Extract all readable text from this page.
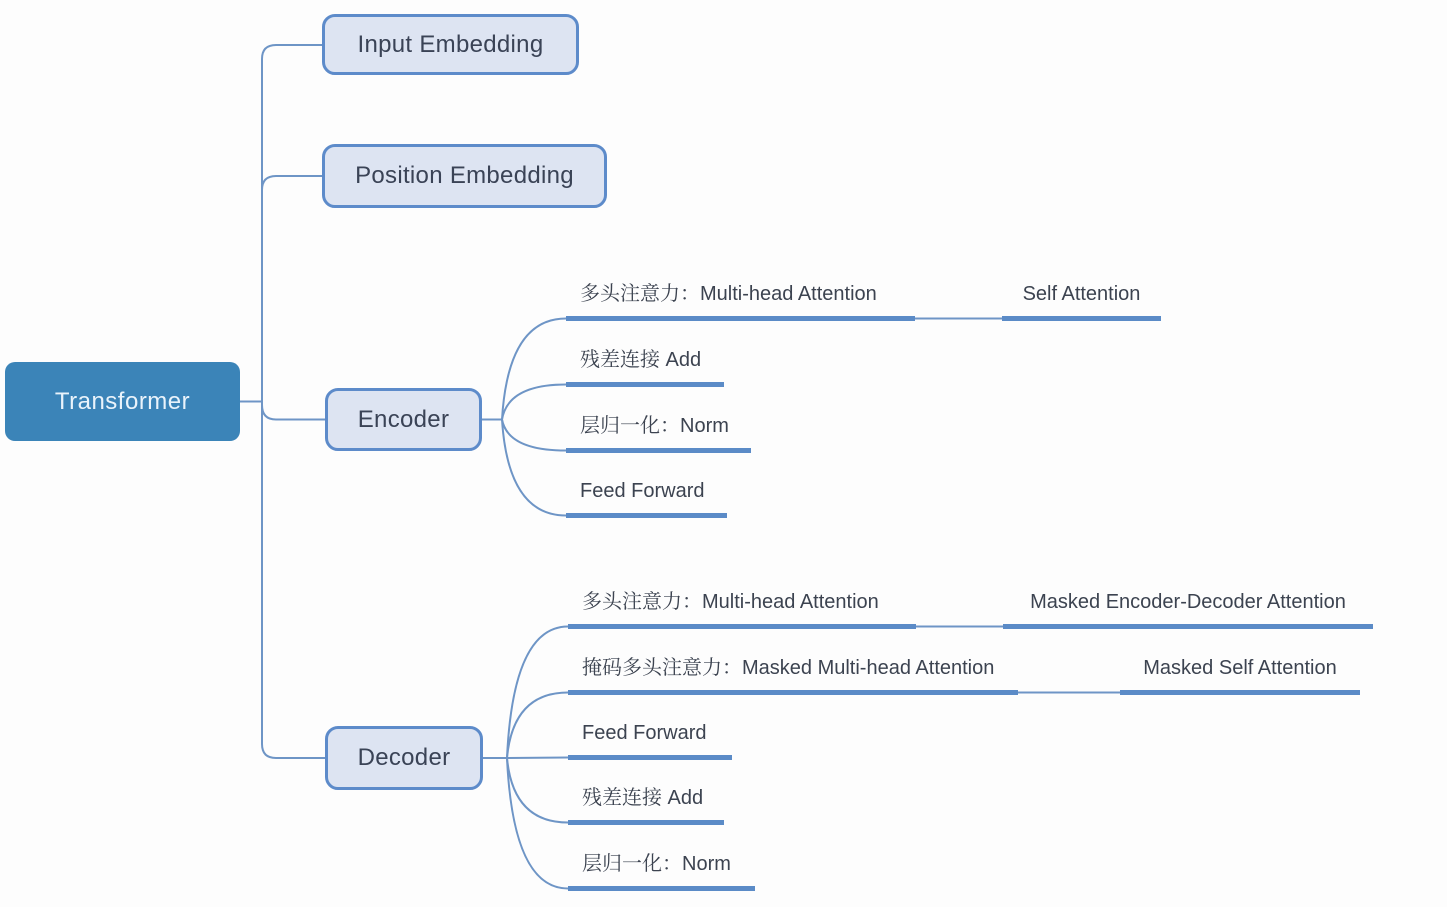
Transformer
Input Embedding
Position Embedding
Encoder
Decoder
多头注意力：Multi-head Attention	Self Attention
残差连接 Add
层归一化：Norm
Feed Forward
多头注意力：Multi-head Attention	Masked Encoder-Decoder Attention
掩码多头注意力：Masked Multi-head Attention	Masked Self Attention
Feed Forward
残差连接 Add
层归一化：Norm
